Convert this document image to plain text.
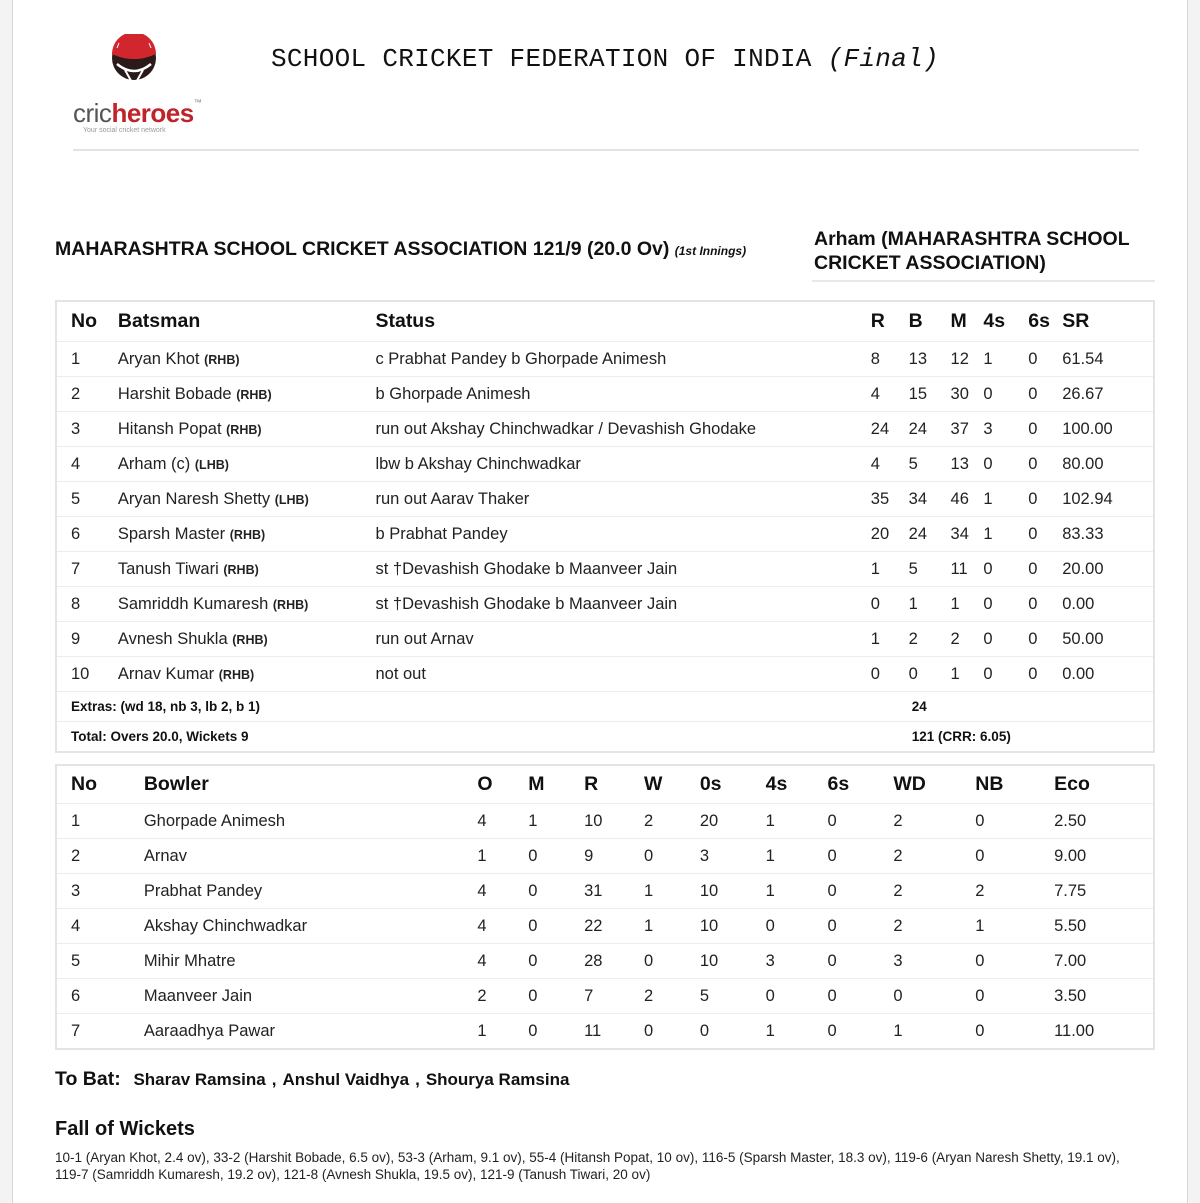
cricheroes™
Your social cricket network
SCHOOL CRICKET FEDERATION OF INDIA (Final)
MAHARASHTRA SCHOOL CRICKET ASSOCIATION 121/9 (20.0 Ov) (1st Innings)
Arham (MAHARASHTRA SCHOOL CRICKET ASSOCIATION)
No	Batsman	Status	R	B	M	4s	6s	SR
1	Aryan Khot (RHB)	c Prabhat Pandey b Ghorpade Animesh	8	13	12	1	0	61.54
2	Harshit Bobade (RHB)	b Ghorpade Animesh	4	15	30	0	0	26.67
3	Hitansh Popat (RHB)	run out Akshay Chinchwadkar / Devashish Ghodake	24	24	37	3	0	100.00
4	Arham (c) (LHB)	lbw b Akshay Chinchwadkar	4	5	13	0	0	80.00
5	Aryan Naresh Shetty (LHB)	run out Aarav Thaker	35	34	46	1	0	102.94
6	Sparsh Master (RHB)	b Prabhat Pandey	20	24	34	1	0	83.33
7	Tanush Tiwari (RHB)	st †Devashish Ghodake b Maanveer Jain	1	5	11	0	0	20.00
8	Samriddh Kumaresh (RHB)	st †Devashish Ghodake b Maanveer Jain	0	1	1	0	0	0.00
9	Avnesh Shukla (RHB)	run out Arnav	1	2	2	0	0	50.00
10	Arnav Kumar (RHB)	not out	0	0	1	0	0	0.00
Extras: (wd 18, nb 3, lb 2, b 1)			24					
Total: Overs 20.0, Wickets 9			121 (CRR: 6.05)					
No	Bowler	O	M	R	W	0s	4s	6s	WD	NB	Eco
1	Ghorpade Animesh	4	1	10	2	20	1	0	2	0	2.50
2	Arnav	1	0	9	0	3	1	0	2	0	9.00
3	Prabhat Pandey	4	0	31	1	10	1	0	2	2	7.75
4	Akshay Chinchwadkar	4	0	22	1	10	0	0	2	1	5.50
5	Mihir Mhatre	4	0	28	0	10	3	0	3	0	7.00
6	Maanveer Jain	2	0	7	2	5	0	0	0	0	3.50
7	Aaraadhya Pawar	1	0	11	0	0	1	0	1	0	11.00
To Bat: Sharav Ramsina , Anshul Vaidhya , Shourya Ramsina
Fall of Wickets
10-1 (Aryan Khot, 2.4 ov), 33-2 (Harshit Bobade, 6.5 ov), 53-3 (Arham, 9.1 ov), 55-4 (Hitansh Popat, 10 ov), 116-5 (Sparsh Master, 18.3 ov), 119-6 (Aryan Naresh Shetty, 19.1 ov), 119-7 (Samriddh Kumaresh, 19.2 ov), 121-8 (Avnesh Shukla, 19.5 ov), 121-9 (Tanush Tiwari, 20 ov)
